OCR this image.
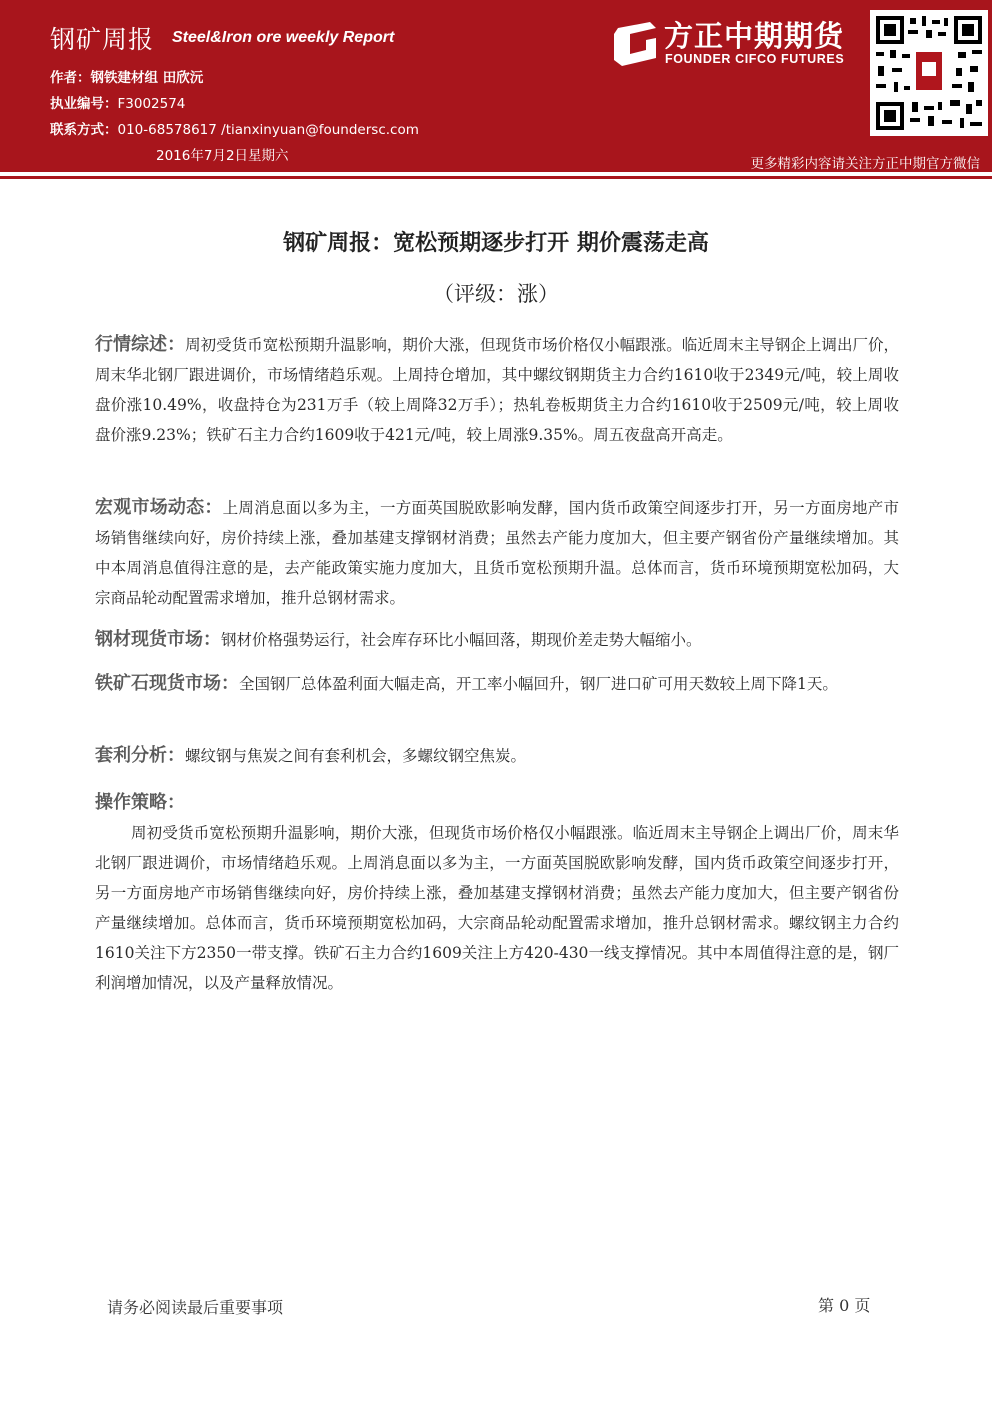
钢矿周报 Steel&Iron ore weekly Report
作者：钢铁建材组 田欣沅
执业编号：F3002574
联系方式：010-68578617 /tianxinyuan@foundersc.com
2016年7月2日星期六
方正中期期货
FOUNDER CIFCO FUTURES
更多精彩内容请关注方正中期官方微信
钢矿周报：宽松预期逐步打开 期价震荡走高
（评级：涨）
行情综述：周初受货币宽松预期升温影响，期价大涨，但现货市场价格仅小幅跟涨。临近周末主导钢企上调出厂价，周末华北钢厂跟进调价，市场情绪趋乐观。上周持仓增加，其中螺纹钢期货主力合约1610收于2349元/吨，较上周收盘价涨10.49%，收盘持仓为231万手（较上周降32万手）；热轧卷板期货主力合约1610收于2509元/吨，较上周收盘价涨9.23%；铁矿石主力合约1609收于421元/吨，较上周涨9.35%。周五夜盘高开高走。
宏观市场动态：上周消息面以多为主，一方面英国脱欧影响发酵，国内货币政策空间逐步打开，另一方面房地产市场销售继续向好，房价持续上涨，叠加基建支撑钢材消费；虽然去产能力度加大，但主要产钢省份产量继续增加。其中本周消息值得注意的是，去产能政策实施力度加大，且货币宽松预期升温。总体而言，货币环境预期宽松加码，大宗商品轮动配置需求增加，推升总钢材需求。
钢材现货市场：钢材价格强势运行，社会库存环比小幅回落，期现价差走势大幅缩小。
铁矿石现货市场：全国钢厂总体盈利面大幅走高，开工率小幅回升，钢厂进口矿可用天数较上周下降1天。
套利分析：螺纹钢与焦炭之间有套利机会，多螺纹钢空焦炭。
操作策略：
周初受货币宽松预期升温影响，期价大涨，但现货市场价格仅小幅跟涨。临近周末主导钢企上调出厂价，周末华北钢厂跟进调价，市场情绪趋乐观。上周消息面以多为主，一方面英国脱欧影响发酵，国内货币政策空间逐步打开，另一方面房地产市场销售继续向好，房价持续上涨，叠加基建支撑钢材消费；虽然去产能力度加大，但主要产钢省份产量继续增加。总体而言，货币环境预期宽松加码，大宗商品轮动配置需求增加，推升总钢材需求。螺纹钢主力合约1610关注下方2350一带支撑。铁矿石主力合约1609关注上方420-430一线支撑情况。其中本周值得注意的是，钢厂利润增加情况，以及产量释放情况。
请务必阅读最后重要事项	第 0 页
